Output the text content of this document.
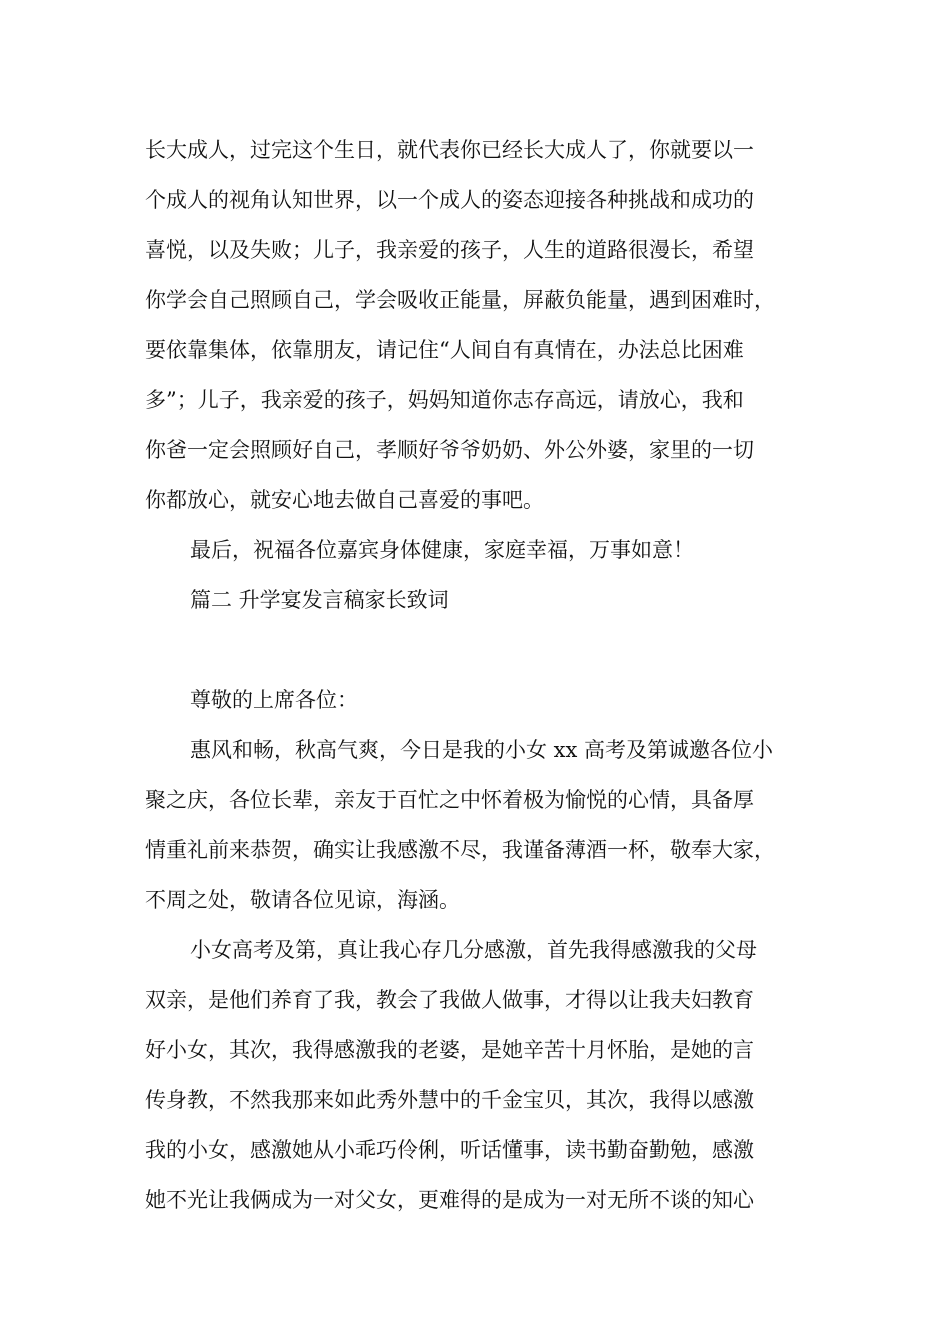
长大成人，过完这个生日，就代表你已经长大成人了，你就要以一
个成人的视角认知世界，以一个成人的姿态迎接各种挑战和成功的
喜悦，以及失败；儿子，我亲爱的孩子，人生的道路很漫长，希望
你学会自己照顾自己，学会吸收正能量，屏蔽负能量，遇到困难时，
要依靠集体，依靠朋友，请记住“人间自有真情在，办法总比困难
多”；儿子，我亲爱的孩子，妈妈知道你志存高远，请放心，我和
你爸一定会照顾好自己，孝顺好爷爷奶奶、外公外婆，家里的一切
你都放心，就安心地去做自己喜爱的事吧。
最后，祝福各位嘉宾身体健康，家庭幸福，万事如意！
篇二 升学宴发言稿家长致词
尊敬的上席各位：
惠风和畅，秋高气爽，今日是我的小女 xx 高考及第诚邀各位小
聚之庆，各位长辈，亲友于百忙之中怀着极为愉悦的心情，具备厚
情重礼前来恭贺，确实让我感激不尽，我谨备薄酒一杯，敬奉大家，
不周之处，敬请各位见谅，海涵。
小女高考及第，真让我心存几分感激，首先我得感激我的父母
双亲，是他们养育了我，教会了我做人做事，才得以让我夫妇教育
好小女，其次，我得感激我的老婆，是她辛苦十月怀胎，是她的言
传身教，不然我那来如此秀外慧中的千金宝贝，其次，我得以感激
我的小女，感激她从小乖巧伶俐，听话懂事，读书勤奋勤勉，感激
她不光让我俩成为一对父女，更难得的是成为一对无所不谈的知心
